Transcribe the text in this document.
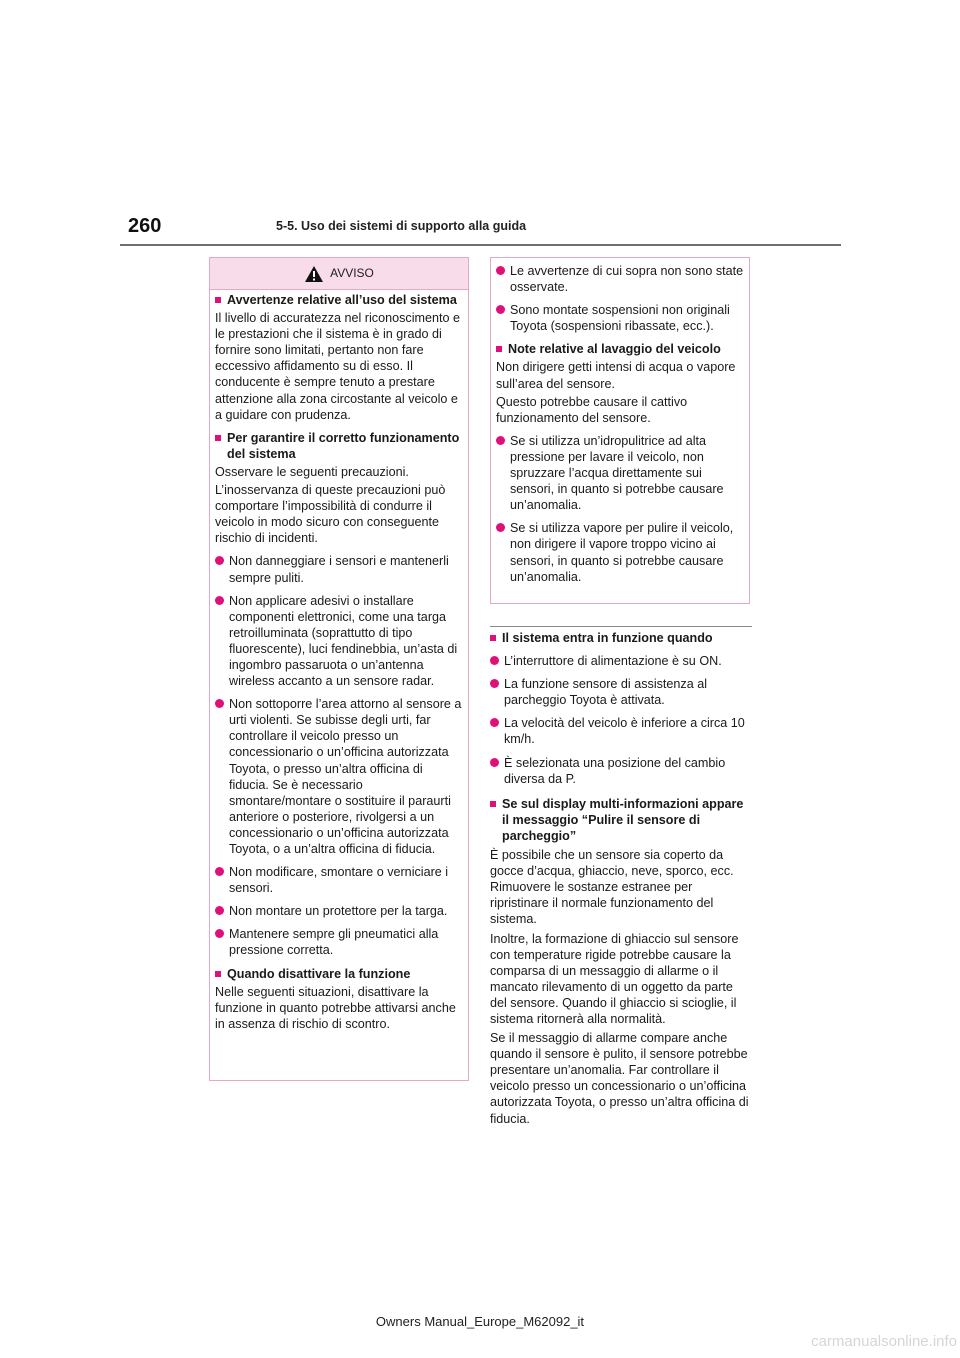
260	5-5. Uso dei sistemi di supporto alla guida
AVVISO
Avvertenze relative all’uso del sistema
Il livello di accuratezza nel riconoscimento e le prestazioni che il sistema è in grado di fornire sono limitati, pertanto non fare eccessivo affidamento su di esso. Il conducente è sempre tenuto a prestare attenzione alla zona circostante al veicolo e a guidare con prudenza.
Per garantire il corretto funzionamento del sistema
Osservare le seguenti precauzioni.
L’inosservanza di queste precauzioni può comportare l’impossibilità di condurre il veicolo in modo sicuro con conseguente rischio di incidenti.
Non danneggiare i sensori e mantenerli sempre puliti.
Non applicare adesivi o installare componenti elettronici, come una targa retroilluminata (soprattutto di tipo fluorescente), luci fendinebbia, un’asta di ingombro passaruota o un’antenna wireless accanto a un sensore radar.
Non sottoporre l’area attorno al sensore a urti violenti. Se subisse degli urti, far controllare il veicolo presso un concessionario o un’officina autorizzata Toyota, o presso un’altra officina di fiducia. Se è necessario smontare/montare o sostituire il paraurti anteriore o posteriore, rivolgersi a un concessionario o un’officina autorizzata Toyota, o a un’altra officina di fiducia.
Non modificare, smontare o verniciare i sensori.
Non montare un protettore per la targa.
Mantenere sempre gli pneumatici alla pressione corretta.
Quando disattivare la funzione
Nelle seguenti situazioni, disattivare la funzione in quanto potrebbe attivarsi anche in assenza di rischio di scontro.
Le avvertenze di cui sopra non sono state osservate.
Sono montate sospensioni non originali Toyota (sospensioni ribassate, ecc.).
Note relative al lavaggio del veicolo
Non dirigere getti intensi di acqua o vapore sull’area del sensore.
Questo potrebbe causare il cattivo funzionamento del sensore.
Se si utilizza un’idropulitrice ad alta pressione per lavare il veicolo, non spruzzare l’acqua direttamente sui sensori, in quanto si potrebbe causare un’anomalia.
Se si utilizza vapore per pulire il veicolo, non dirigere il vapore troppo vicino ai sensori, in quanto si potrebbe causare un’anomalia.
Il sistema entra in funzione quando
L’interruttore di alimentazione è su ON.
La funzione sensore di assistenza al parcheggio Toyota è attivata.
La velocità del veicolo è inferiore a circa 10 km/h.
È selezionata una posizione del cambio diversa da P.
Se sul display multi-informazioni appare il messaggio “Pulire il sensore di parcheggio”
È possibile che un sensore sia coperto da gocce d’acqua, ghiaccio, neve, sporco, ecc. Rimuovere le sostanze estranee per ripristinare il normale funzionamento del sistema.
Inoltre, la formazione di ghiaccio sul sensore con temperature rigide potrebbe causare la comparsa di un messaggio di allarme o il mancato rilevamento di un oggetto da parte del sensore. Quando il ghiaccio si scioglie, il sistema ritornerà alla normalità.
Se il messaggio di allarme compare anche quando il sensore è pulito, il sensore potrebbe presentare un’anomalia. Far controllare il veicolo presso un concessionario o un’officina autorizzata Toyota, o presso un’altra officina di fiducia.
Owners Manual_Europe_M62092_it
carmanualsonline.info
